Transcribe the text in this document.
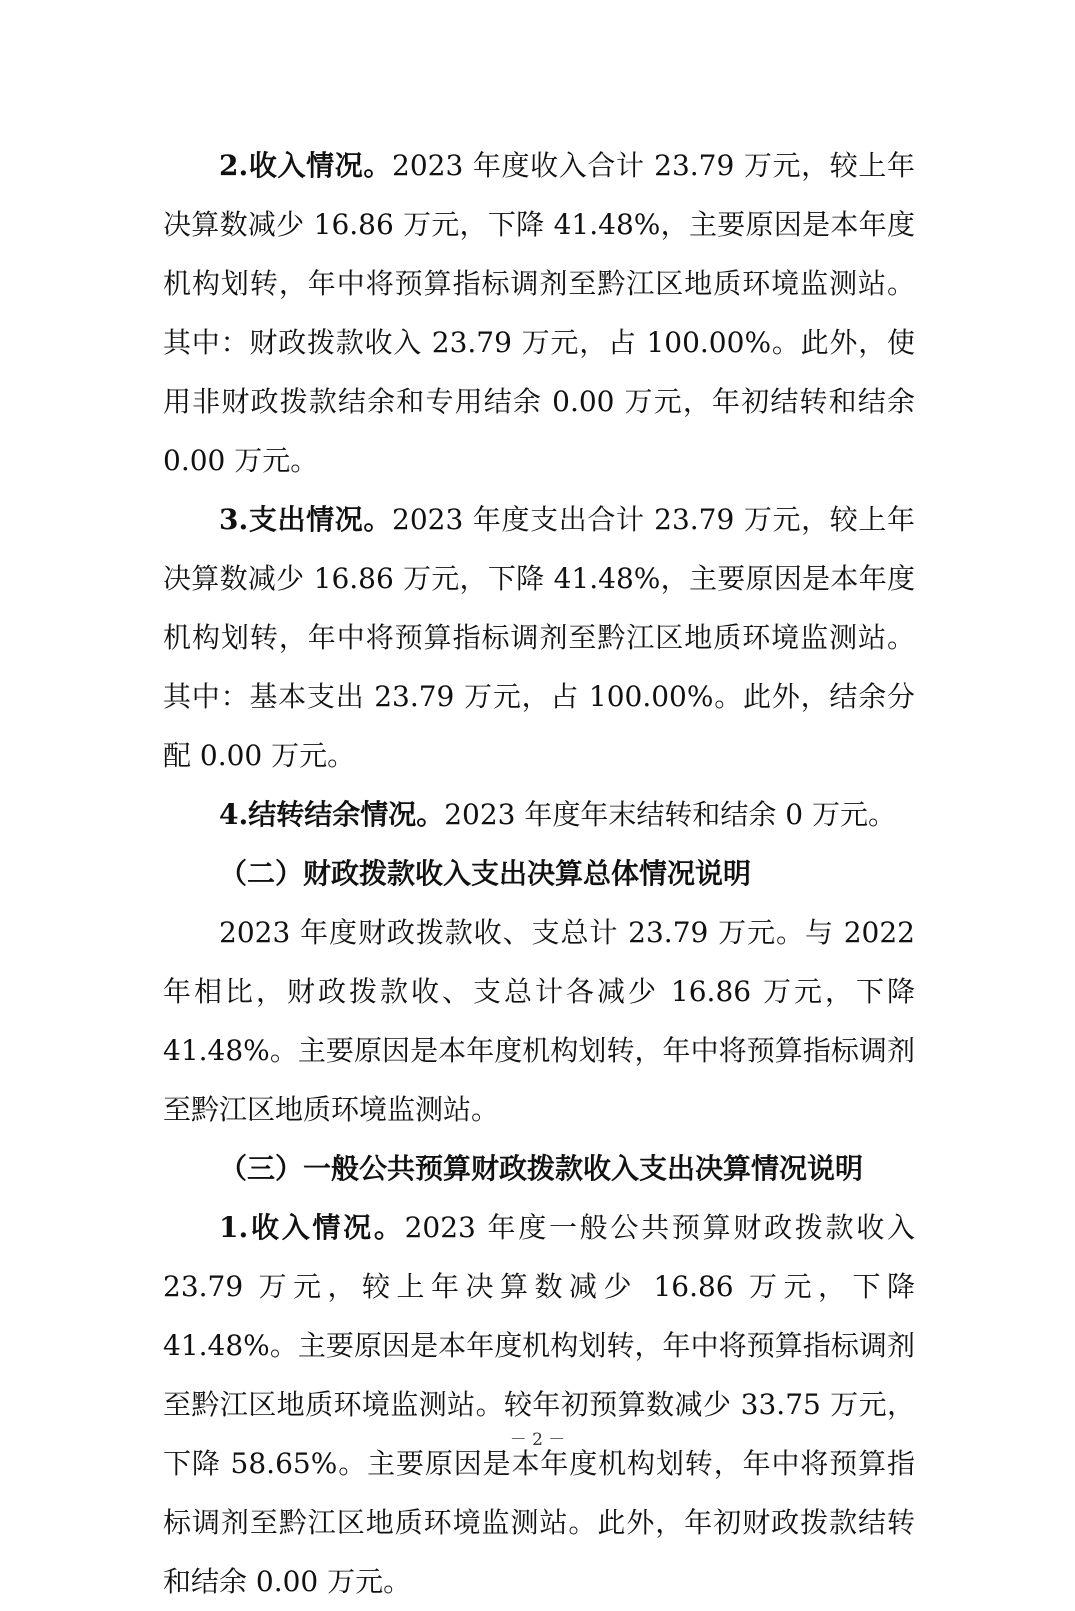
2.收入情况。2023 年度收入合计 23.79 万元，较上年决算数减少 16.86 万元，下降 41.48%，主要原因是本年度机构划转，年中将预算指标调剂至黔江区地质环境监测站。其中：财政拨款收入 23.79 万元，占 100.00%。此外，使用非财政拨款结余和专用结余 0.00 万元，年初结转和结余 0.00 万元。

3.支出情况。2023 年度支出合计 23.79 万元，较上年决算数减少 16.86 万元，下降 41.48%，主要原因是本年度机构划转，年中将预算指标调剂至黔江区地质环境监测站。其中：基本支出 23.79 万元，占 100.00%。此外，结余分配 0.00 万元。

4.结转结余情况。2023 年度年末结转和结余 0 万元。

（二）财政拨款收入支出决算总体情况说明

2023 年度财政拨款收、支总计 23.79 万元。与 2022 年相比，财政拨款收、支总计各减少 16.86 万元，下降 41.48%。主要原因是本年度机构划转，年中将预算指标调剂至黔江区地质环境监测站。

（三）一般公共预算财政拨款收入支出决算情况说明

1.收入情况。2023 年度一般公共预算财政拨款收入 23.79 万元，较上年决算数减少 16.86 万元，下降 41.48%。主要原因是本年度机构划转，年中将预算指标调剂至黔江区地质环境监测站。较年初预算数减少 33.75 万元，下降 58.65%。主要原因是本年度机构划转，年中将预算指标调剂至黔江区地质环境监测站。此外，年初财政拨款结转和结余 0.00 万元。

－ 2 －
